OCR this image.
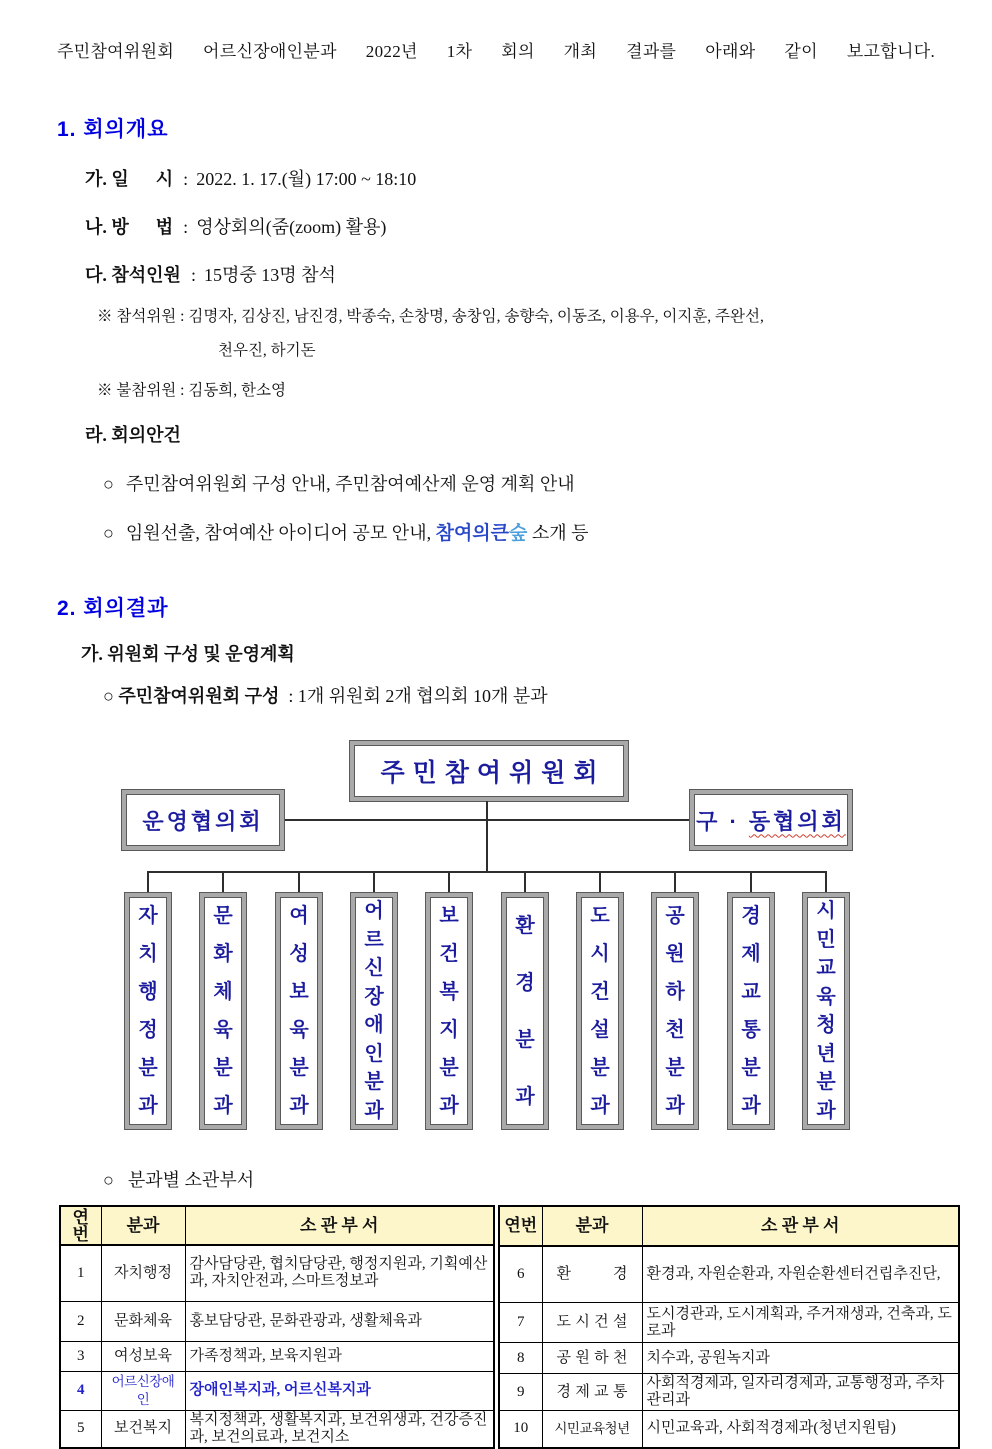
주민참여위원회 어르신장애인분과 2022년 1차 회의 개최 결과를 아래와 같이 보고합니다.

1. 회의개요
가. 일      시 : 2022. 1. 17.(월) 17:00 ~ 18:10
나. 방      법 : 영상회의(줌(zoom) 활용)
다. 참석인원 : 15명중 13명 참석
※ 참석위원 : 김명자, 김상진, 남진경, 박종숙, 손창명, 송창임, 송향숙, 이동조, 이용우, 이지훈, 주완선,
천우진, 하기돈
※ 불참위원 : 김동희, 한소영
라. 회의안건
○ 주민참여위원회 구성 안내, 주민참여예산제 운영 계획 안내
○ 임원선출, 참여예산 아이디어 공모 안내, 참여의큰숲 소개 등
2. 회의결과
가. 위원회 구성 및 운영계획
○ 주민참여위원회 구성  : 1개 위원회 2개 협의회 10개 분과
주민참여위원회
운영협의회	구 · 동협의회
자
치
행
정
분
과
문
화
체
육
분
과
여
성
보
육
분
과
어
르
신
장
애
인
분
과
보
건
복
지
분
과
환
경
분
과
도
시
건
설
분
과
공
원
하
천
분
과
경
제
교
통
분
과
시
민
교
육
청
년
분
과
○ 분과별 소관부서
연번	분과	소 관 부 서
1	자치행정	감사담당관, 협치담당관, 행정지원과, 기획예산과, 자치안전과, 스마트정보과
2	문화체육	홍보담당관, 문화관광과, 생활체육과
3	여성보육	가족정책과, 보육지원과
4	어르신장애인	장애인복지과, 어르신복지과
5	보건복지	복지정책과, 생활복지과, 보건위생과, 건강증진과, 보건의료과, 보건지소
연번	분과	소 관 부 서
6	환 경	환경과, 자원순환과, 자원순환센터건립추진단,
7	도 시 건 설	도시경관과, 도시계획과, 주거재생과, 건축과, 도로과
8	공 원 하 천	치수과, 공원녹지과
9	경 제 교 통	사회적경제과, 일자리경제과, 교통행정과, 주차관리과
10	시민교육청년	시민교육과, 사회적경제과(청년지원팀)
